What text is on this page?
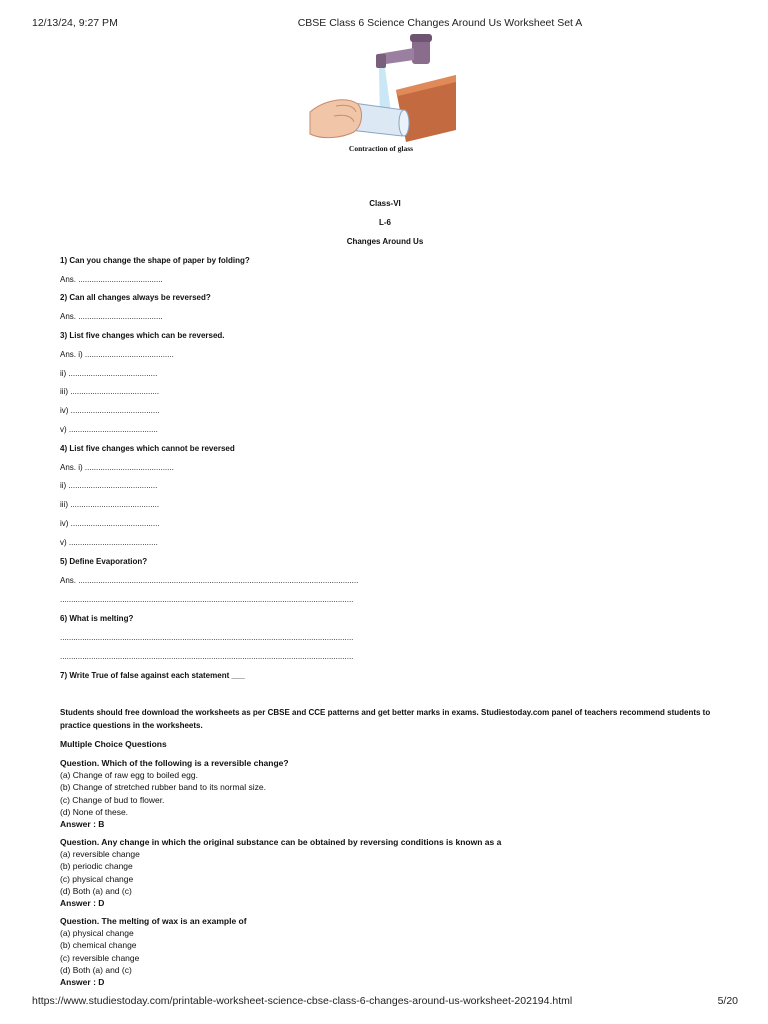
12/13/24, 9:27 PM	CBSE Class 6 Science Changes Around Us Worksheet Set A
Contraction of glass
Class-VI
L-6
Changes Around Us
1) Can you change the shape of paper by folding?
Ans. ......................................
2) Can all changes always be reversed?
Ans. ......................................
3) List five changes which can be reversed.
Ans. i) ........................................
ii) ........................................
iii) ........................................
iv) ........................................
v) ........................................
4) List five changes which cannot be reversed
Ans. i) ........................................
ii) ........................................
iii) ........................................
iv) ........................................
v) ........................................
5) Define Evaporation?
Ans. ..............................................................................................................................
....................................................................................................................................
6) What is melting?
....................................................................................................................................
....................................................................................................................................
7) Write True of false against each statement ___
Students should free download the worksheets as per CBSE and CCE patterns and get better marks in exams. Studiestoday.com panel of teachers recommend students to practice questions in the worksheets.
Multiple Choice Questions
Question. Which of the following is a reversible change?
(a) Change of raw egg to boiled egg.
(b) Change of stretched rubber band to its normal size.
(c) Change of bud to flower.
(d) None of these.
Answer : B
Question. Any change in which the original substance can be obtained by reversing conditions is known as a
(a) reversible change
(b) periodic change
(c) physical change
(d) Both (a) and (c)
Answer : D
Question. The melting of wax is an example of
(a) physical change
(b) chemical change
(c) reversible change
(d) Both (a) and (c)
Answer : D
https://www.studiestoday.com/printable-worksheet-science-cbse-class-6-changes-around-us-worksheet-202194.html	5/20
